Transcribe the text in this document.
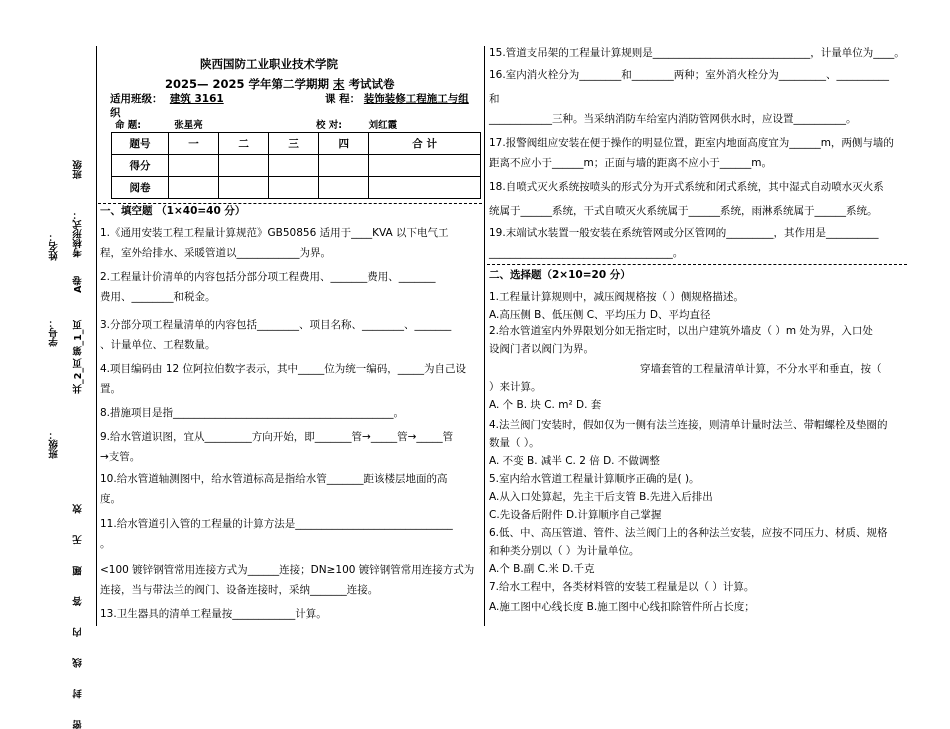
班级：
学号：
姓名：
A卷
考核形式：
共_2_页 第_1_页
密 封 线 内 答 题 无 效
班级
陕西国防工业职业技术学院
2025— 2025 学年第二学期期 末 考试试卷
适用班级： 建筑 3161	课 程： 装饰装修工程施工与组
织
命 题:	张星亮	校 对:	刘红霞
题号	一	二	三	四	合 计
得分					
阅卷					
一、填空题 （1×40=40 分）
1.《通用安装工程工程量计算规范》GB50856 适用于____KVA 以下电气工
程，室外给排水、采暖管道以____________为界。
2.工程量计价清单的内容包括分部分项工程费用、_______费用、_______
费用、________和税金。
3.分部分项工程量清单的内容包括________、项目名称、________、_______
、计量单位、工程数量。
4.项目编码由 12 位阿拉伯数字表示，其中_____位为统一编码，_____为自己设
置。
8.措施项目是指__________________________________________。
9.给水管道识图，宜从_________方向开始，即_______管→_____管→_____管
→支管。
10.给水管道轴测图中，给水管道标高是指给水管_______距该楼层地面的高
度。
11.给水管道引入管的工程量的计算方法是______________________________
。
<100 镀锌钢管常用连接方式为______连接；DN≥100 镀锌钢管常用连接方式为
连接，当与带法兰的阀门、设备连接时，采纳_______连接。
13.卫生器具的清单工程量按____________计算。
15.管道支吊架的工程量计算规则是______________________________，计量单位为____。
16.室内消火栓分为________和________两种；室外消火栓分为_________、__________
和
____________三种。当采纳消防车给室内消防管网供水时，应设置__________。
17.报警阀组应安装在便于操作的明显位置，距室内地面高度宜为______m，两侧与墙的
距离不应小于______m；正面与墙的距离不应小于______m。
18.自喷式灭火系统按喷头的形式分为开式系统和闭式系统，其中湿式自动喷水灭火系
统属于______系统，干式自喷灭火系统属于______系统，雨淋系统属于______系统。
19.末端试水装置一般安装在系统管网或分区管网的_________，其作用是__________
___________________________________。
二、选择题（2×10=20 分）
1.工程量计算规则中，减压阀规格按（ ）侧规格描述。
A.高压侧 B、低压侧 C、平均压力 D、平均直径
2.给水管道室内外界限划分如无指定时，以出户建筑外墙皮（ ）m 处为界，入口处
设阀门者以阀门为界。
穿墙套管的工程量清单计算，不分水平和垂直，按（
）来计算。
A. 个 B. 块 C. m² D. 套
4.法兰阀门安装时，假如仅为一侧有法兰连接，则清单计量时法兰、带帽螺栓及垫圈的
数量（ ）。
A. 不变 B. 减半 C. 2 倍 D. 不做调整
5.室内给水管道工程量计算顺序正确的是( )。
A.从入口处算起，先主干后支管 B.先进入后排出
C.先设备后附件 D.计算顺序自己掌握
6.低、中、高压管道、管件、法兰阀门上的各种法兰安装，应按不同压力、材质、规格
和种类分别以（ ）为计量单位。
A.个 B.副 C.米 D.千克
7.给水工程中，各类材料管的安装工程量是以（ ）计算。
A.施工图中心线长度 B.施工图中心线扣除管件所占长度；
